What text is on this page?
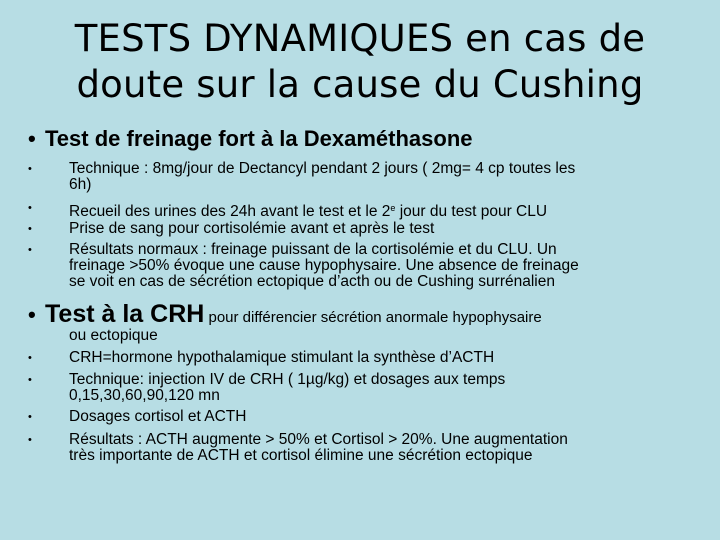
TESTS DYNAMIQUES en cas de
doute sur la cause du Cushing
• Test de freinage fort à la Dexaméthasone
•	Technique : 8mg/jour de Dectancyl pendant 2 jours ( 2mg= 4 cp toutes les
6h)
•	Recueil des urines des 24h avant le test et le 2e jour du test pour CLU
•	Prise de sang pour cortisolémie avant et après le test
•	Résultats normaux : freinage puissant de la cortisolémie et du CLU. Un
freinage >50% évoque une cause hypophysaire. Une absence de freinage
se voit en cas de sécrétion ectopique d’acth ou de Cushing surrénalien
• Test à la CRH pour différencier sécrétion anormale hypophysaire
ou ectopique
•	CRH=hormone hypothalamique stimulant la synthèse d’ACTH
•	Technique: injection IV de CRH ( 1µg/kg) et dosages aux temps
0,15,30,60,90,120 mn
•	Dosages cortisol et ACTH
•	Résultats : ACTH augmente > 50% et Cortisol > 20%. Une augmentation
très importante de ACTH et cortisol élimine une sécrétion ectopique
